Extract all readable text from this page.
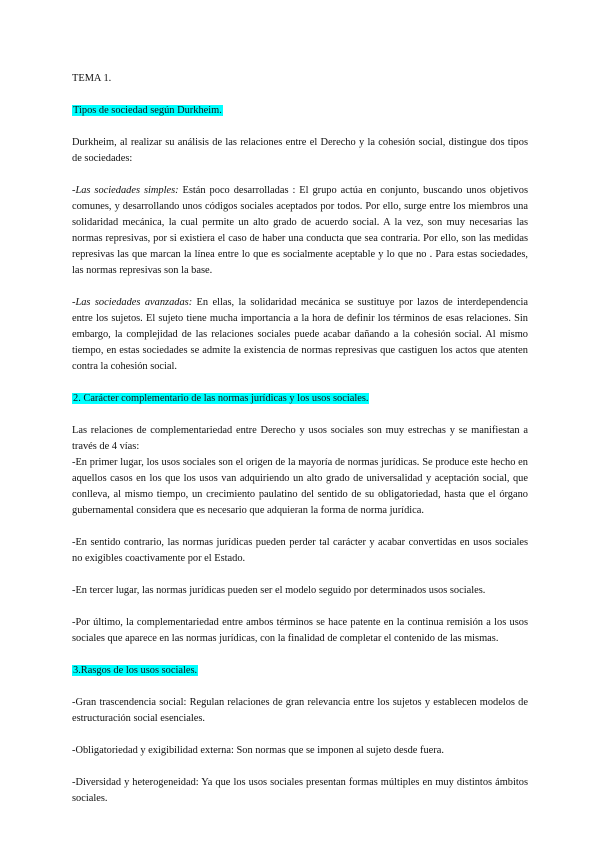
TEMA 1.

Tipos de sociedad según Durkheim.

Durkheim, al realizar su análisis de las relaciones entre el Derecho y la cohesión social, distingue dos tipos de sociedades:

-Las sociedades simples: Están poco desarrolladas : El grupo actúa en conjunto, buscando unos objetivos comunes, y desarrollando unos códigos sociales aceptados por todos. Por ello, surge entre los miembros una solidaridad mecánica, la cual permite un alto grado de acuerdo social. A la vez, son muy necesarias las normas represivas, por si existiera el caso de haber una conducta que sea contraria. Por ello, son las medidas represivas las que marcan la línea entre lo que es socialmente aceptable y lo que no . Para estas sociedades, las normas represivas son la base.

-Las sociedades avanzadas: En ellas, la solidaridad mecánica se sustituye por lazos de interdependencia entre los sujetos. El sujeto tiene mucha importancia a la hora de definir los términos de esas relaciones. Sin embargo, la complejidad de las relaciones sociales puede acabar dañando a la cohesión social. Al mismo tiempo, en estas sociedades se admite la existencia de normas represivas que castiguen los actos que atenten contra la cohesión social.

2. Carácter complementario de las normas jurídicas y los usos sociales.

Las relaciones de complementariedad entre Derecho y usos sociales son muy estrechas y se manifiestan a través de 4 vías:

-En primer lugar, los usos sociales son el origen de la mayoría de normas jurídicas. Se produce este hecho en aquellos casos en los que los usos van adquiriendo un alto grado de universalidad y aceptación social, que conlleva, al mismo tiempo, un crecimiento paulatino del sentido de su obligatoriedad, hasta que el órgano gubernamental considera que es necesario que adquieran la forma de norma jurídica.

-En sentido contrario, las normas jurídicas pueden perder tal carácter y acabar convertidas en usos sociales no exigibles coactivamente por el Estado.

-En tercer lugar, las normas jurídicas pueden ser el modelo seguido por determinados usos sociales.

-Por último, la complementariedad entre ambos términos se hace patente en la continua remisión a los usos sociales que aparece en las normas jurídicas, con la finalidad de completar el contenido de las mismas.

3.Rasgos de los usos sociales.

-Gran trascendencia social: Regulan relaciones de gran relevancia entre los sujetos y establecen modelos de estructuración social esenciales.

-Obligatoriedad y exigibilidad externa: Son normas que se imponen al sujeto desde fuera.

-Diversidad y heterogeneidad: Ya que los usos sociales presentan formas múltiples en muy distintos ámbitos sociales.
